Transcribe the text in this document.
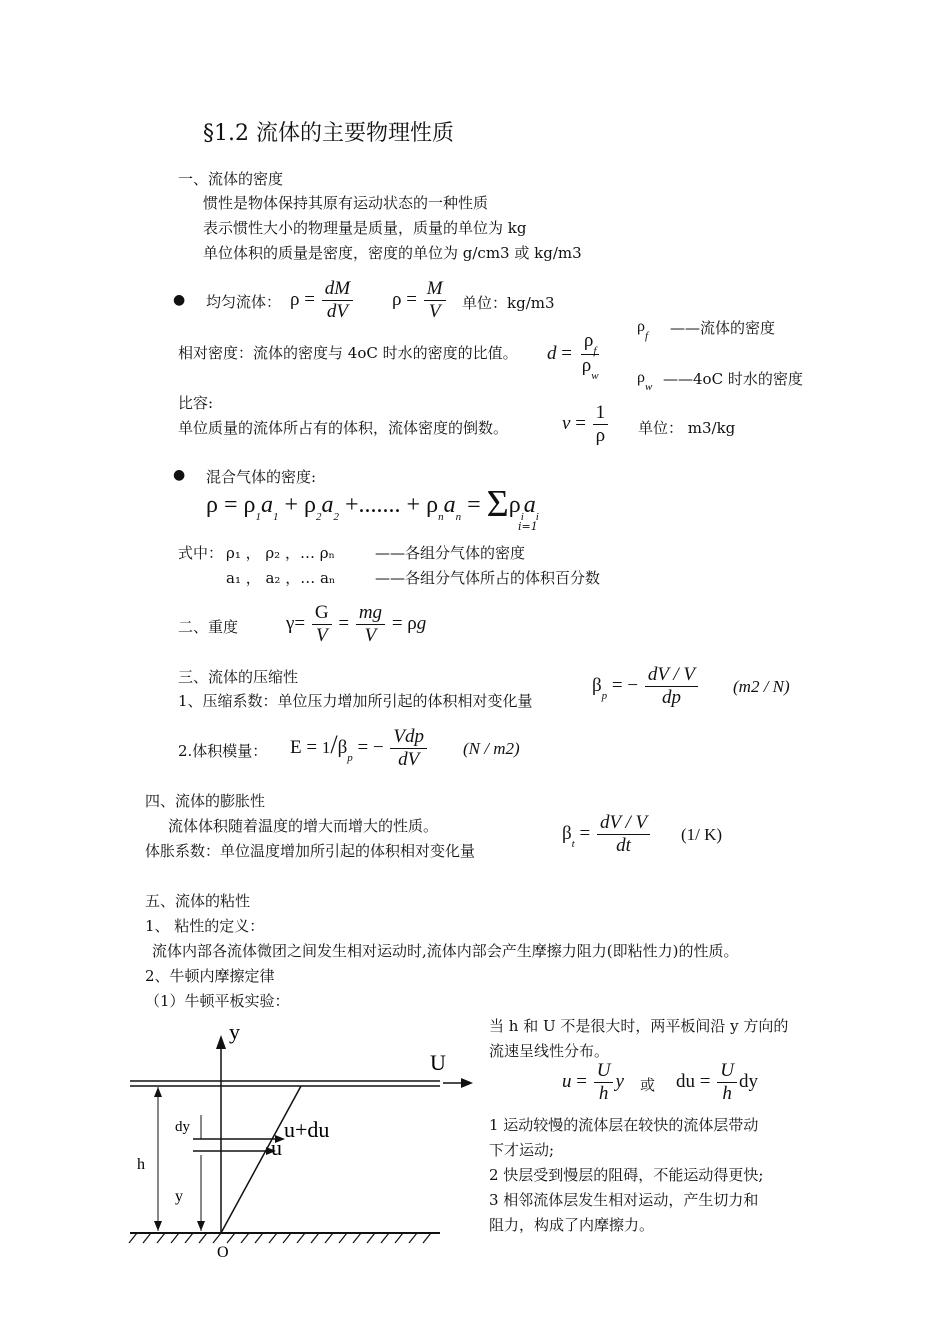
§1.2 流体的主要物理性质
一、流体的密度
惯性是物体保持其原有运动状态的一种性质
表示惯性大小的物理量是质量，质量的单位为 kg
单位体积的质量是密度，密度的单位为 g/cm3 或 kg/m3
● 均匀流体： $\rho = \frac{dM}{dV}$ $\rho = \frac{M}{V}$ 单位：kg/m3
相对密度：流体的密度与 4oC 时水的密度的比值。 $d = \frac{\rho_f}{\rho_w}$
$\rho_f$ ——流体的密度
$\rho_w$ ——4oC 时水的密度
比容:
单位质量的流体所占有的体积，流体密度的倒数。	$v = \frac{1}{\rho}$ 单位： m3/kg
● 混合气体的密度:
$\rho = \rho_1a_1 + \rho_2a_2$ +....... + $\rho_na_n = \Sigma\rho_ia_i$
i=1
式中： ρ₁ ， ρ₂ ，… ρₙ	——各组分气体的密度
a₁ ， a₂ ，… aₙ	——各组分气体所占的体积百分数
二、重度	$\gamma= \frac{G}{V} = \frac{mg}{V} = \rho g$
三、流体的压缩性
1、压缩系数：单位压力增加所引起的体积相对变化量
$\beta_p$ = − $\frac{dV / V}{dp} (m2 / N)$
2.体积模量： $E = 1/\beta_p$ = − $\frac{\text{Vdp}}{dV} (N / m2)$
四、流体的膨胀性
流体体积随着温度的增大而增大的性质。
体胀系数：单位温度增加所引起的体积相对变化量
$\beta_t = \frac{dV / V}{dt} (1/$ K)
五、流体的粘性
1、 粘性的定义：
流体内部各流体微团之间发生相对运动时,流体内部会产生摩擦力阻力(即粘性力)的性质。
2、牛顿内摩擦定律
（1）牛顿平板实验：
y
U
h
y
dy	u+du
u
O
当 h 和 U 不是很大时，两平板间沿 y 方向的
流速呈线性分布。
$u = \frac{U}{h}$ y 或 du = $\frac{U}{h}$ dy
1 运动较慢的流体层在较快的流体层带动
下才运动;
2 快层受到慢层的阻碍，不能运动得更快;
3 相邻流体层发生相对运动，产生切力和
阻力，构成了内摩擦力。
